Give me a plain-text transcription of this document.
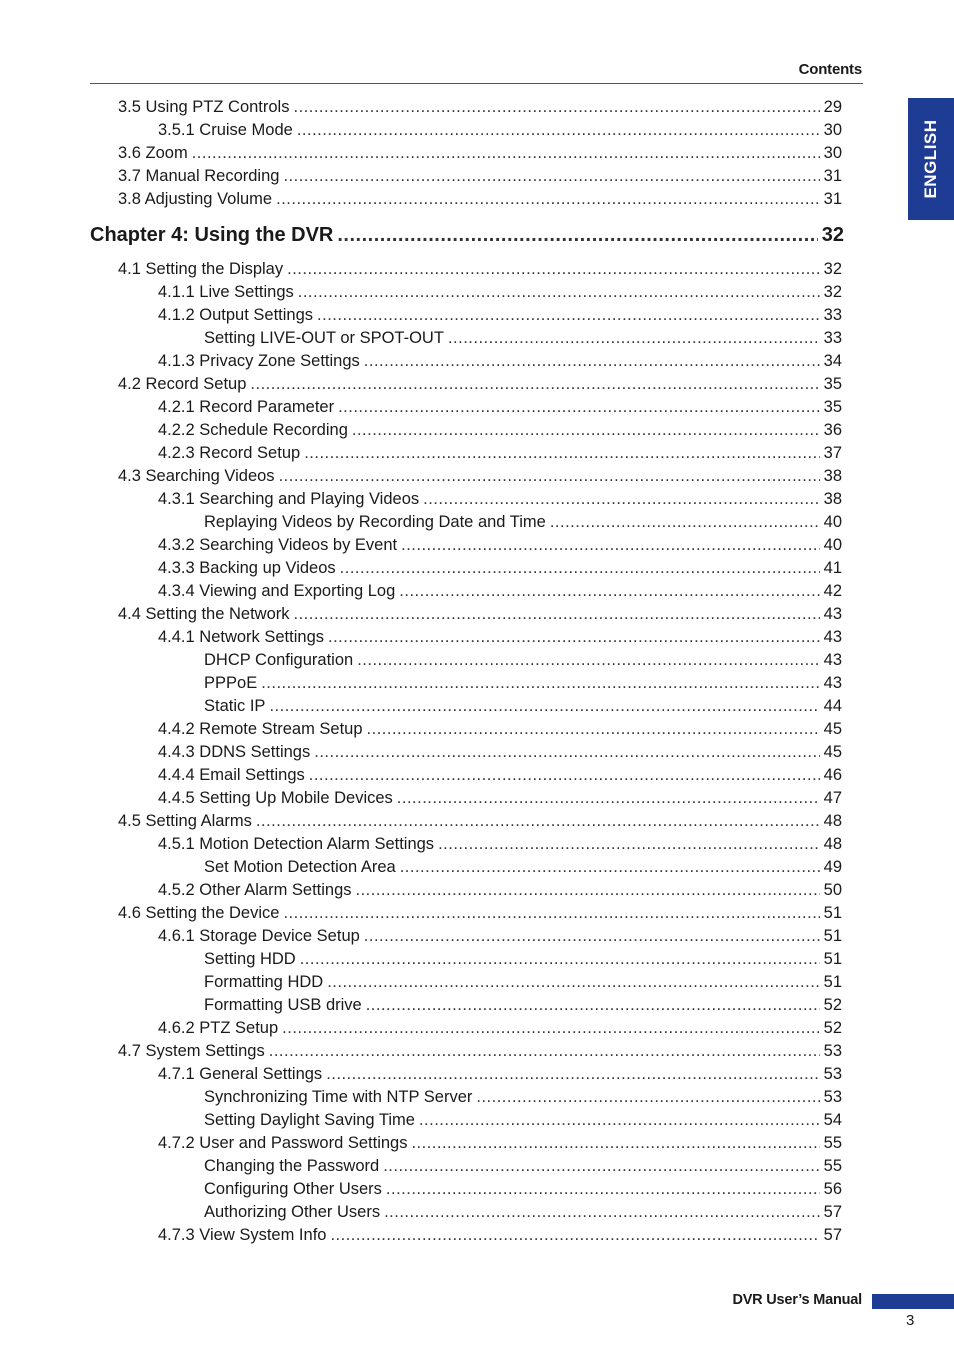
Contents
ENGLISH
3.5 Using PTZ Controls .....	29
3.5.1 Cruise Mode .....	30
3.6 Zoom .....	30
3.7 Manual Recording .....	31
3.8 Adjusting Volume .....	31
Chapter 4: Using the DVR .....	32
4.1 Setting the Display .....	32
4.1.1 Live Settings .....	32
4.1.2 Output Settings .....	33
Setting LIVE-OUT or SPOT-OUT .....	33
4.1.3 Privacy Zone Settings .....	34
4.2 Record Setup .....	35
4.2.1 Record Parameter .....	35
4.2.2 Schedule Recording .....	36
4.2.3 Record Setup .....	37
4.3 Searching Videos .....	38
4.3.1 Searching and Playing Videos .....	38
Replaying Videos by Recording Date and Time .....	40
4.3.2 Searching Videos by Event .....	40
4.3.3 Backing up Videos .....	41
4.3.4 Viewing and Exporting Log .....	42
4.4 Setting the Network .....	43
4.4.1 Network Settings .....	43
DHCP Configuration .....	43
PPPoE .....	43
Static IP .....	44
4.4.2 Remote Stream Setup .....	45
4.4.3 DDNS Settings .....	45
4.4.4 Email Settings .....	46
4.4.5 Setting Up Mobile Devices .....	47
4.5 Setting Alarms .....	48
4.5.1 Motion Detection Alarm Settings .....	48
Set Motion Detection Area .....	49
4.5.2 Other Alarm Settings .....	50
4.6 Setting the Device .....	51
4.6.1 Storage Device Setup .....	51
Setting HDD .....	51
Formatting HDD .....	51
Formatting USB drive .....	52
4.6.2 PTZ Setup .....	52
4.7 System Settings .....	53
4.7.1 General Settings .....	53
Synchronizing Time with NTP Server .....	53
Setting Daylight Saving Time .....	54
4.7.2 User and Password Settings .....	55
Changing the Password .....	55
Configuring Other Users .....	56
Authorizing Other Users .....	57
4.7.3 View System Info .....	57
DVR User’s Manual
3
